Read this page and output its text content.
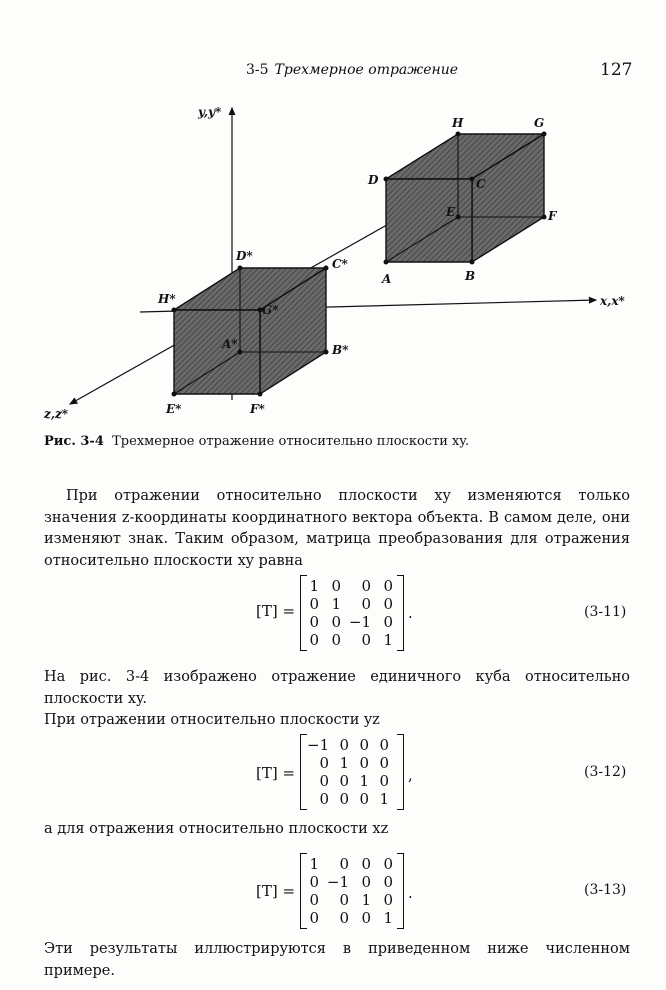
3-5 Трехмерное отражение	127
y,y*
x,x*
z,z*
H	G
D	C
E	F
A	B
D*
C*
H*
G*
A*	B*
E*	F*
Рис. 3-4 Трехмерное отражение относительно плоскости xy.
При отражении относительно плоскости xy изменяются только значения z-координаты координатного вектора объекта. В самом деле, они изменяют знак. Таким образом, матрица преобразования для отражения относительно плоскости xy равна
[T] =
1 0	0 0
0 1	0 0
0 0 −1 0
0 0	0 1
.	(3-11)
На рис. 3-4 изображено отражение единичного куба относительно плоскости xy.
При отражении относительно плоскости yz
[T] =
−1 0 0 0
0 1 0 0
0 0 1 0
0 0 0 1
,	(3-12)
а для отражения относительно плоскости xz
[T] =
1	0 0 0
0 −1 0 0
0	0 1 0
0	0 0 1
.	(3-13)
Эти результаты иллюстрируются в приведенном ниже численном примере.
